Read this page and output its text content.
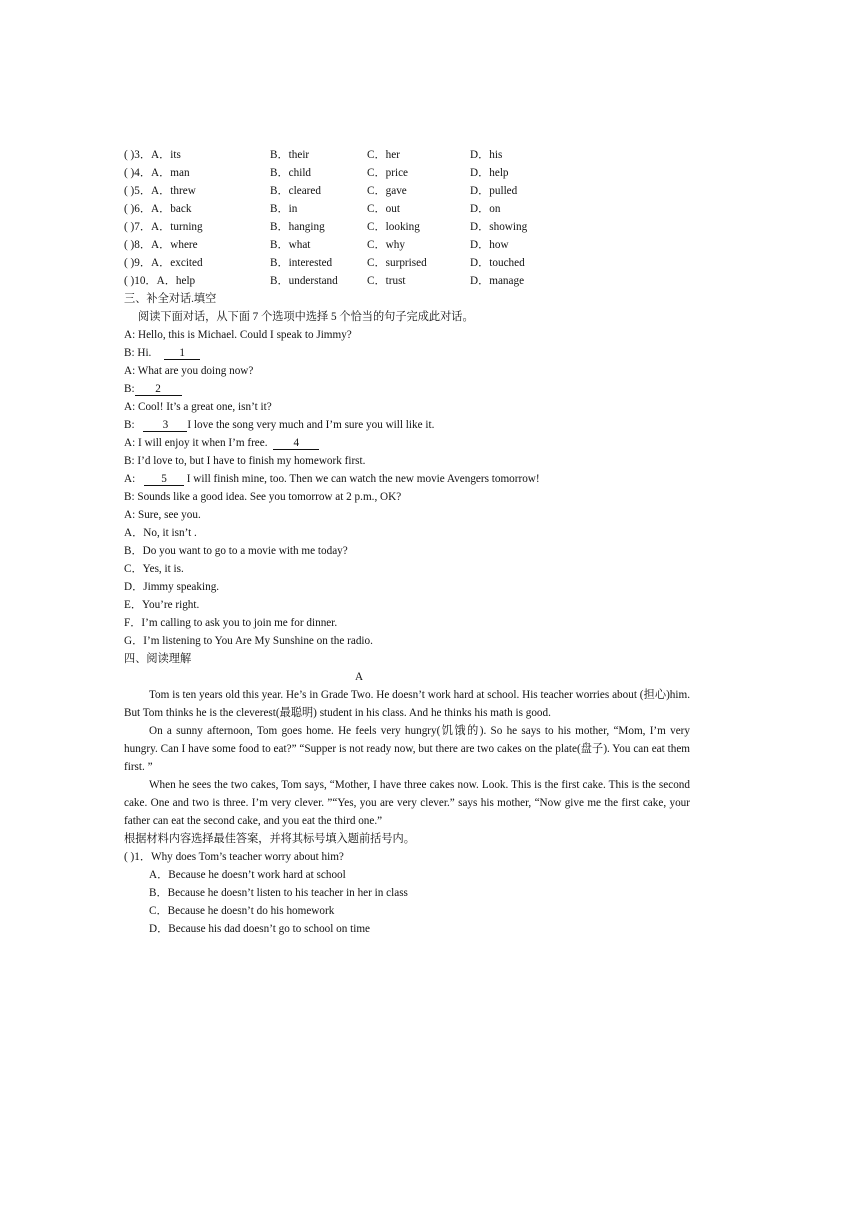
( )3．A．its	B．their	C．her	D．his
( )4．A．man	B．child	C．price	D．help
( )5．A．threw	B．cleared	C．gave	D．pulled
( )6．A．back	B．in	C．out	D．on
( )7．A．turning	B．hanging	C．looking	D．showing
( )8．A．where	B．what	C．why	D．how
( )9．A．excited	B．interested	C．surprised	D．touched
( )10．A．help	B．understand	C．trust	D．manage
三、补全对话.填空
阅读下面对话，从下面 7 个选项中选择 5 个恰当的句子完成此对话。
A: Hello, this is Michael. Could I speak to Jimmy?
B: Hi.	1
A: What are you doing now?
B: 2
A: Cool! It’s a great one, isn’t it?
B:	3 I love the song very much and I’m sure you will like it.
A: I will enjoy it when I’m free. 4
B: I’d love to, but I have to finish my homework first.
A: 5 I will finish mine, too. Then we can watch the new movie Avengers tomorrow!
B: Sounds like a good idea. See you tomorrow at 2 p.m., OK?
A: Sure, see you.
A．No, it isn’t .
B．Do you want to go to a movie with me today?
C．Yes, it is.
D．Jimmy speaking.
E．You’re right.
F．I’m calling to ask you to join me for dinner.
G．I’m listening to You Are My Sunshine on the radio.
四、阅读理解
A
Tom is ten years old this year. He’s in Grade Two. He doesn’t work hard at school. His teacher worries about (担心)him. But Tom thinks he is the cleverest(最聪明) student in his class. And he thinks his math is good.
On a sunny afternoon, Tom goes home. He feels very hungry(饥饿的). So he says to his mother, “Mom, I’m very hungry. Can I have some food to eat?” “Supper is not ready now, but there are two cakes on the plate(盘子). You can eat them first. ”
When he sees the two cakes, Tom says, “Mother, I have three cakes now. Look. This is the first cake. This is the second cake. One and two is three. I’m very clever. ”“Yes, you are very clever.” says his mother, “Now give me the first cake, your father can eat the second cake, and you eat the third one.”
根据材料内容选择最佳答案，并将其标号填入题前括号内。
( )1．Why does Tom’s teacher worry about him?
A．Because he doesn’t work hard at school
B．Because he doesn’t listen to his teacher in her in class
C．Because he doesn’t do his homework
D．Because his dad doesn’t go to school on time
